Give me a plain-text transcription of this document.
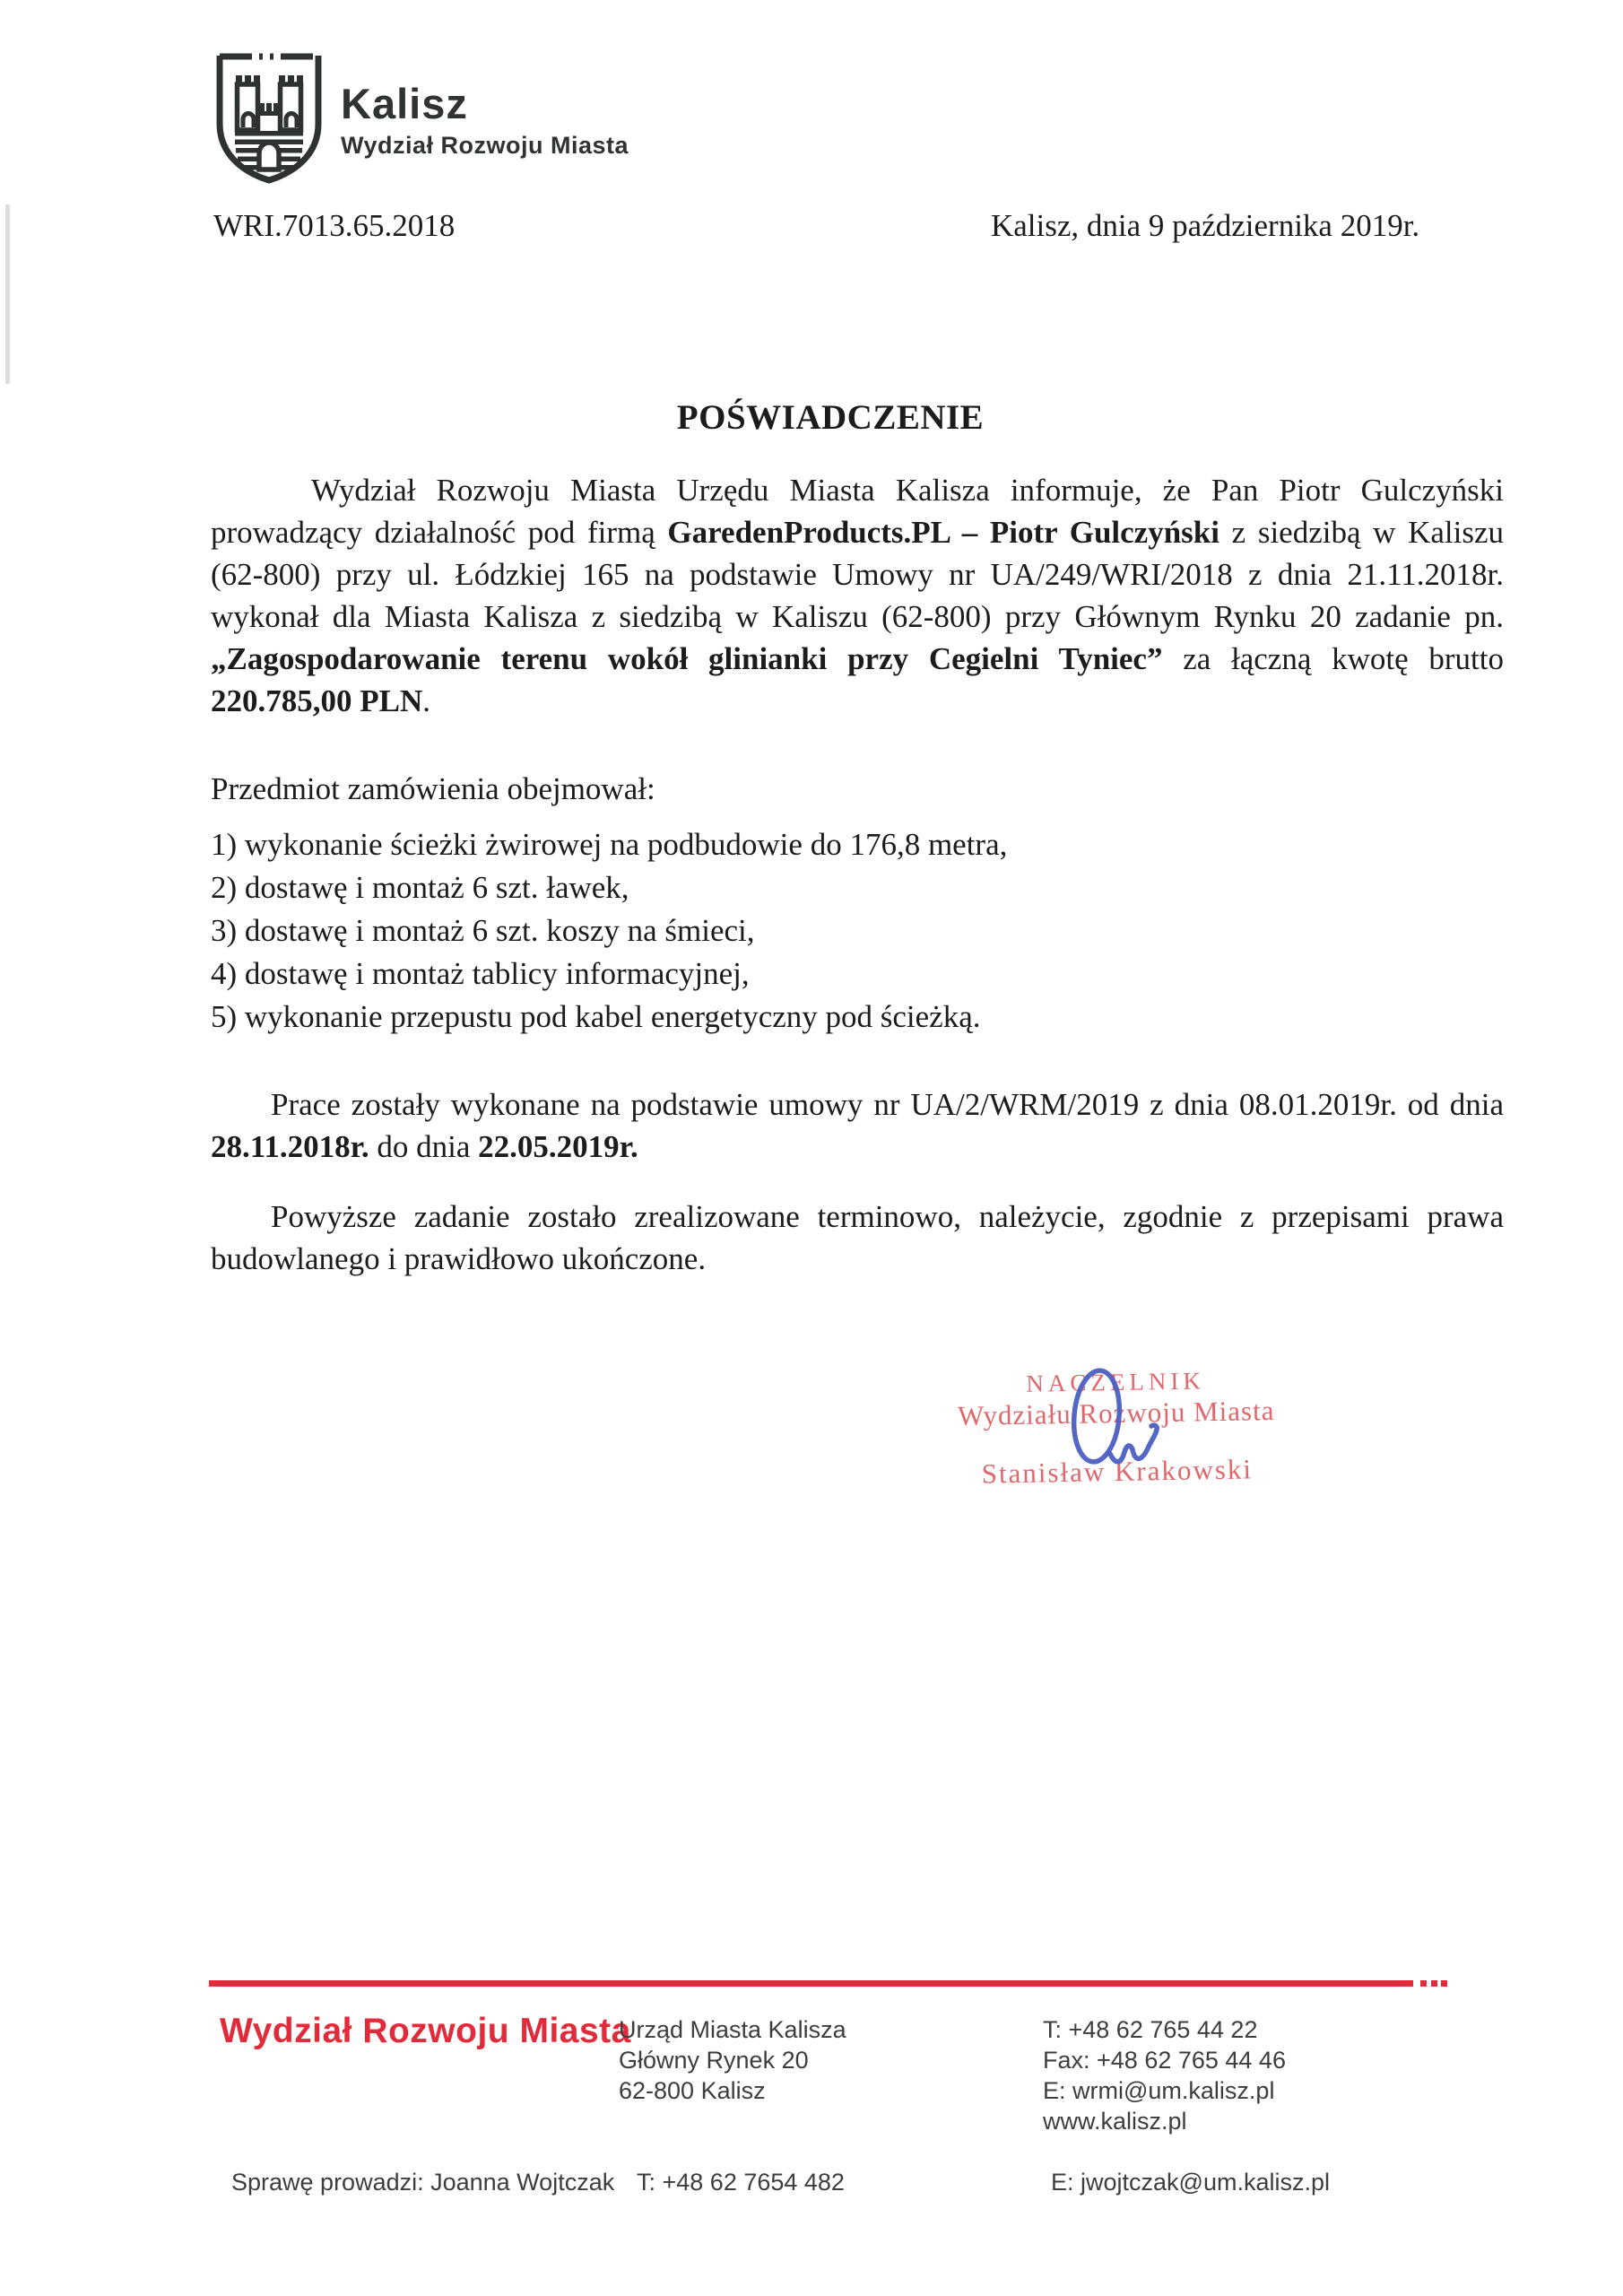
Kalisz
Wydział Rozwoju Miasta
WRI.7013.65.2018	Kalisz, dnia 9 października 2019r.
POŚWIADCZENIE

Wydział Rozwoju Miasta Urzędu Miasta Kalisza informuje, że Pan Piotr Gulczyński prowadzący działalność pod firmą GaredenProducts.PL – Piotr Gulczyński z siedzibą w Kaliszu (62-800) przy ul. Łódzkiej 165 na podstawie Umowy nr UA/249/WRI/2018 z dnia 21.11.2018r. wykonał dla Miasta Kalisza z siedzibą w Kaliszu (62-800) przy Głównym Rynku 20 zadanie pn. „Zagospodarowanie terenu wokół glinianki przy Cegielni Tyniec” za łączną kwotę brutto 220.785,00 PLN.

Przedmiot zamówienia obejmował:

1) wykonanie ścieżki żwirowej na podbudowie do 176,8 metra,
2) dostawę i montaż 6 szt. ławek,
3) dostawę i montaż 6 szt. koszy na śmieci,
4) dostawę i montaż tablicy informacyjnej,
5) wykonanie przepustu pod kabel energetyczny pod ścieżką.

Prace zostały wykonane na podstawie umowy nr UA/2/WRM/2019 z dnia 08.01.2019r. od dnia 28.11.2018r. do dnia 22.05.2019r.

Powyższe zadanie zostało zrealizowane terminowo, należycie, zgodnie z przepisami prawa budowlanego i prawidłowo ukończone.

NACZELNIK
Wydziału Rozwoju Miasta
Stanisław Krakowski
Wydział Rozwoju Miasta
Urząd Miasta Kalisza
Główny Rynek 20
62-800 Kalisz
T: +48 62 765 44 22
Fax: +48 62 765 44 46
E: wrmi@um.kalisz.pl
www.kalisz.pl
Sprawę prowadzi: Joanna Wojtczak T: +48 62 7654 482	E: jwojtczak@um.kalisz.pl
